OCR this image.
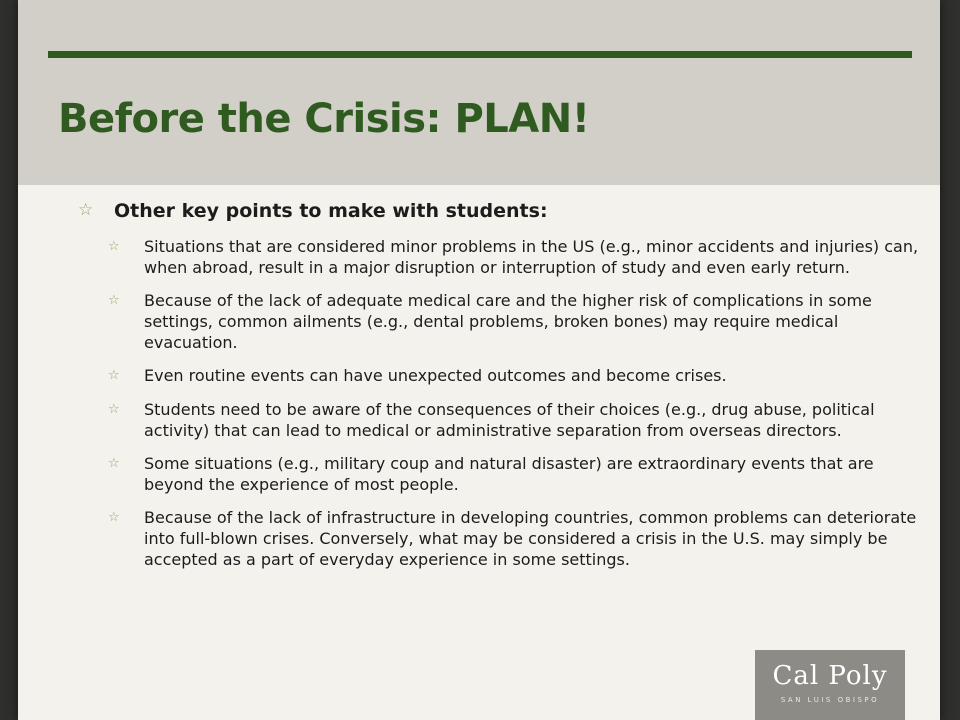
Before the Crisis: PLAN!
☆	Other key points to make with students:
☆	Situations that are considered minor problems in the US (e.g., minor accidents and injuries) can, when abroad, result in a major disruption or interruption of study and even early return.
☆	Because of the lack of adequate medical care and the higher risk of complications in some settings, common ailments (e.g., dental problems, broken bones) may require medical evacuation.
☆	Even routine events can have unexpected outcomes and become crises.
☆	Students need to be aware of the consequences of their choices (e.g., drug abuse, political activity) that can lead to medical or administrative separation from overseas directors.
☆	Some situations (e.g., military coup and natural disaster) are extraordinary events that are beyond the experience of most people.
☆	Because of the lack of infrastructure in developing countries, common problems can deteriorate into full-blown crises. Conversely, what may be considered a crisis in the U.S. may simply be accepted as a part of everyday experience in some settings.
Cal Poly
SAN LUIS OBISPO
